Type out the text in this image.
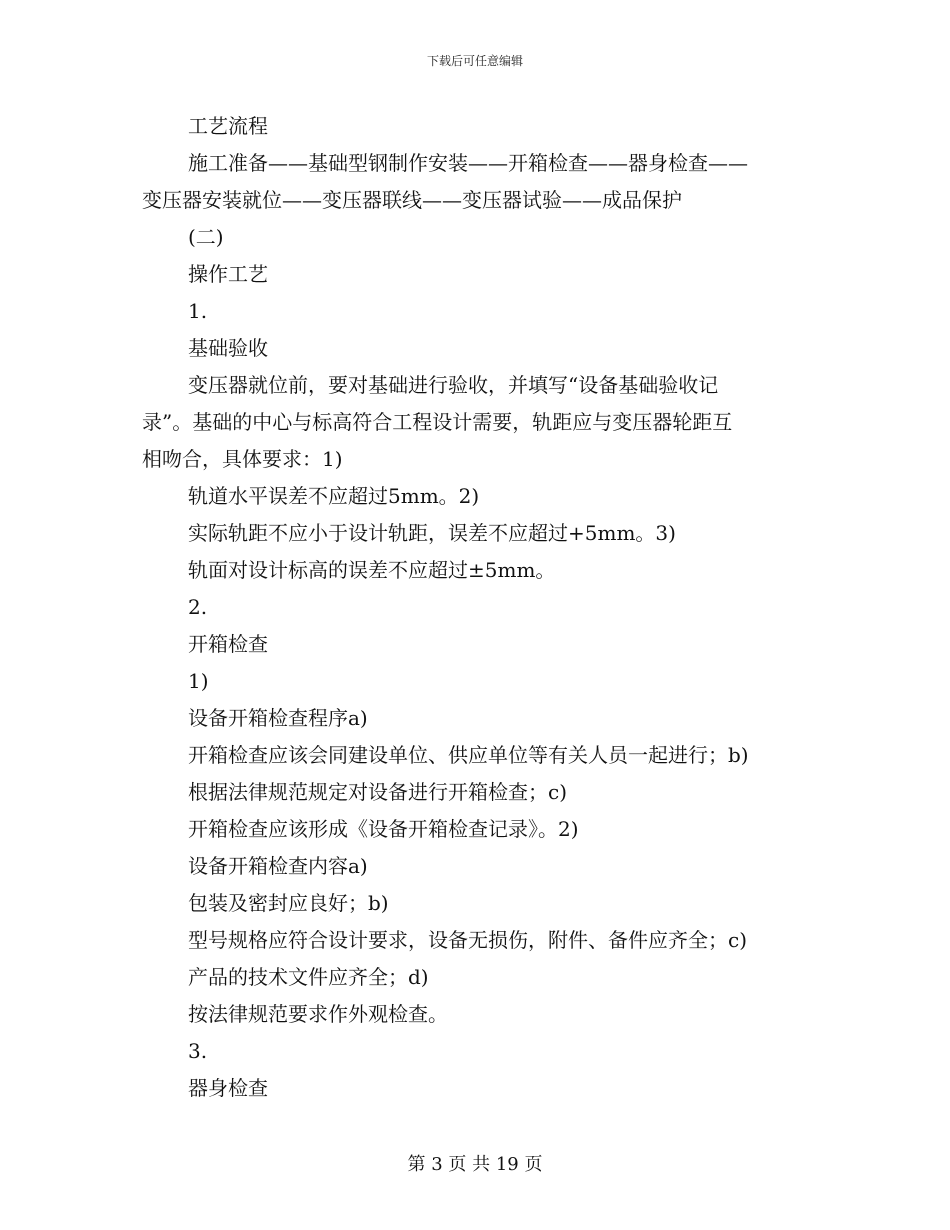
下载后可任意编辑
工艺流程
施工准备——基础型钢制作安装——开箱检查——器身检查——
变压器安装就位——变压器联线——变压器试验——成品保护
(二)
操作工艺
1.
基础验收
变压器就位前，要对基础进行验收，并填写“设备基础验收记
录”。基础的中心与标高符合工程设计需要，轨距应与变压器轮距互
相吻合，具体要求：1)
轨道水平误差不应超过5mm。2)
实际轨距不应小于设计轨距，误差不应超过+5mm。3)
轨面对设计标高的误差不应超过±5mm。
2.
开箱检查
1)
设备开箱检查程序a)
开箱检查应该会同建设单位、供应单位等有关人员一起进行；b)
根据法律规范规定对设备进行开箱检查；c)
开箱检查应该形成《设备开箱检查记录》。2)
设备开箱检查内容a)
包装及密封应良好；b)
型号规格应符合设计要求，设备无损伤，附件、备件应齐全；c)
产品的技术文件应齐全；d)
按法律规范要求作外观检查。
3.
器身检查
第 3 页 共 19 页
